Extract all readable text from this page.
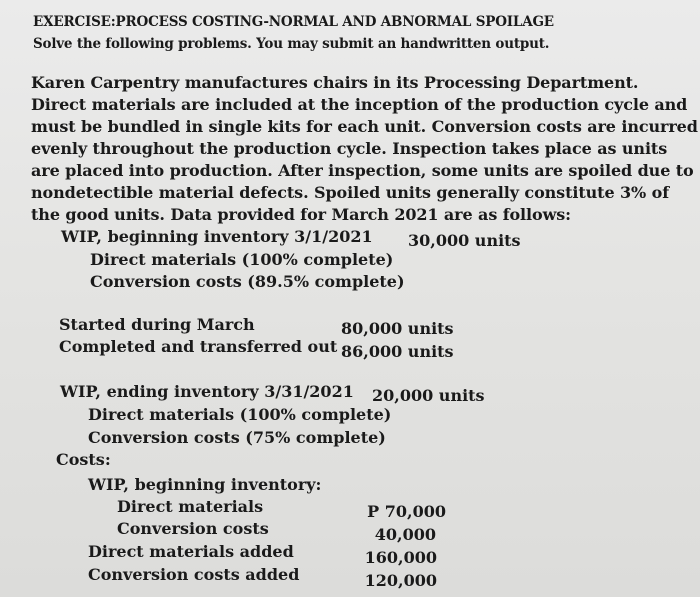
EXERCISE:PROCESS COSTING-NORMAL AND ABNORMAL SPOILAGE
Solve the following problems. You may submit an handwritten output.
Karen Carpentry manufactures chairs in its Processing Department.
Direct materials are included at the inception of the production cycle and
must be bundled in single kits for each unit. Conversion costs are incurred
evenly throughout the production cycle. Inspection takes place as units
are placed into production. After inspection, some units are spoiled due to
nondetectible material defects. Spoiled units generally constitute 3% of
the good units. Data provided for March 2021 are as follows:
WIP, beginning inventory 3/1/2021 30,000 units
Direct materials (100% complete)
Conversion costs (89.5% complete)
Started during March	80,000 units
Completed and transferred out 86,000 units
WIP, ending inventory 3/31/2021 20,000 units
Direct materials (100% complete)
Conversion costs (75% complete)
Costs:
WIP, beginning inventory:
Direct materials	P 70,000
Conversion costs	40,000
Direct materials added	160,000
Conversion costs added	120,000
